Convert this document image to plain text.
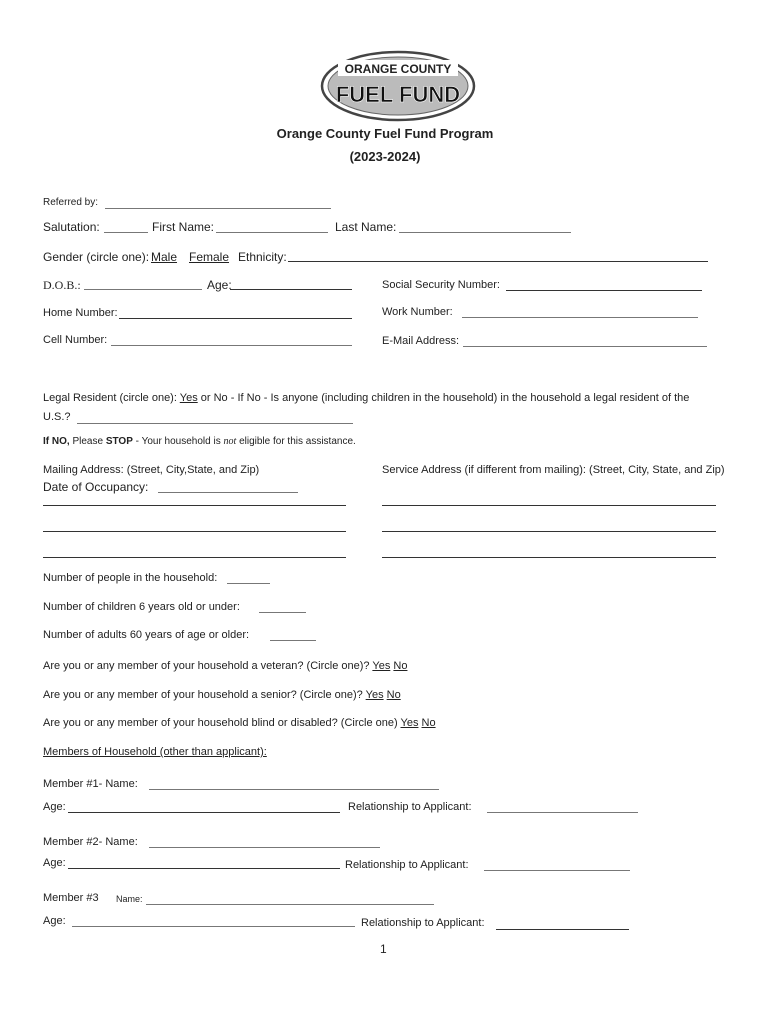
ORANGE COUNTY
FUEL FUND
Orange County Fuel Fund Program
(2023-2024)
Referred by:
Salutation:	First Name:	Last Name:
Gender (circle one): Male Female Ethnicity:
D.O.B.:	Age:	Social Security Number:
Home Number:	Work Number:
Cell Number:	E-Mail Address:
Legal Resident (circle one): Yes or No - If No - Is anyone (including children in the household) in the household a legal resident of the
U.S.?
If NO, Please STOP - Your household is not eligible for this assistance.
Mailing Address: (Street, City,State, and Zip)
Date of Occupancy:
Service Address (if different from mailing): (Street, City, State, and Zip)
Number of people in the household:
Number of children 6 years old or under:
Number of adults 60 years of age or older:
Are you or any member of your household a veteran? (Circle one)? Yes No
Are you or any member of your household a senior? (Circle one)? Yes No
Are you or any member of your household blind or disabled? (Circle one) Yes No
Members of Household (other than applicant):
Member #1- Name:
Age:	Relationship to Applicant:
Member #2- Name:
Age:	Relationship to Applicant:
Member #3 Name:
Age:	Relationship to Applicant:
1
